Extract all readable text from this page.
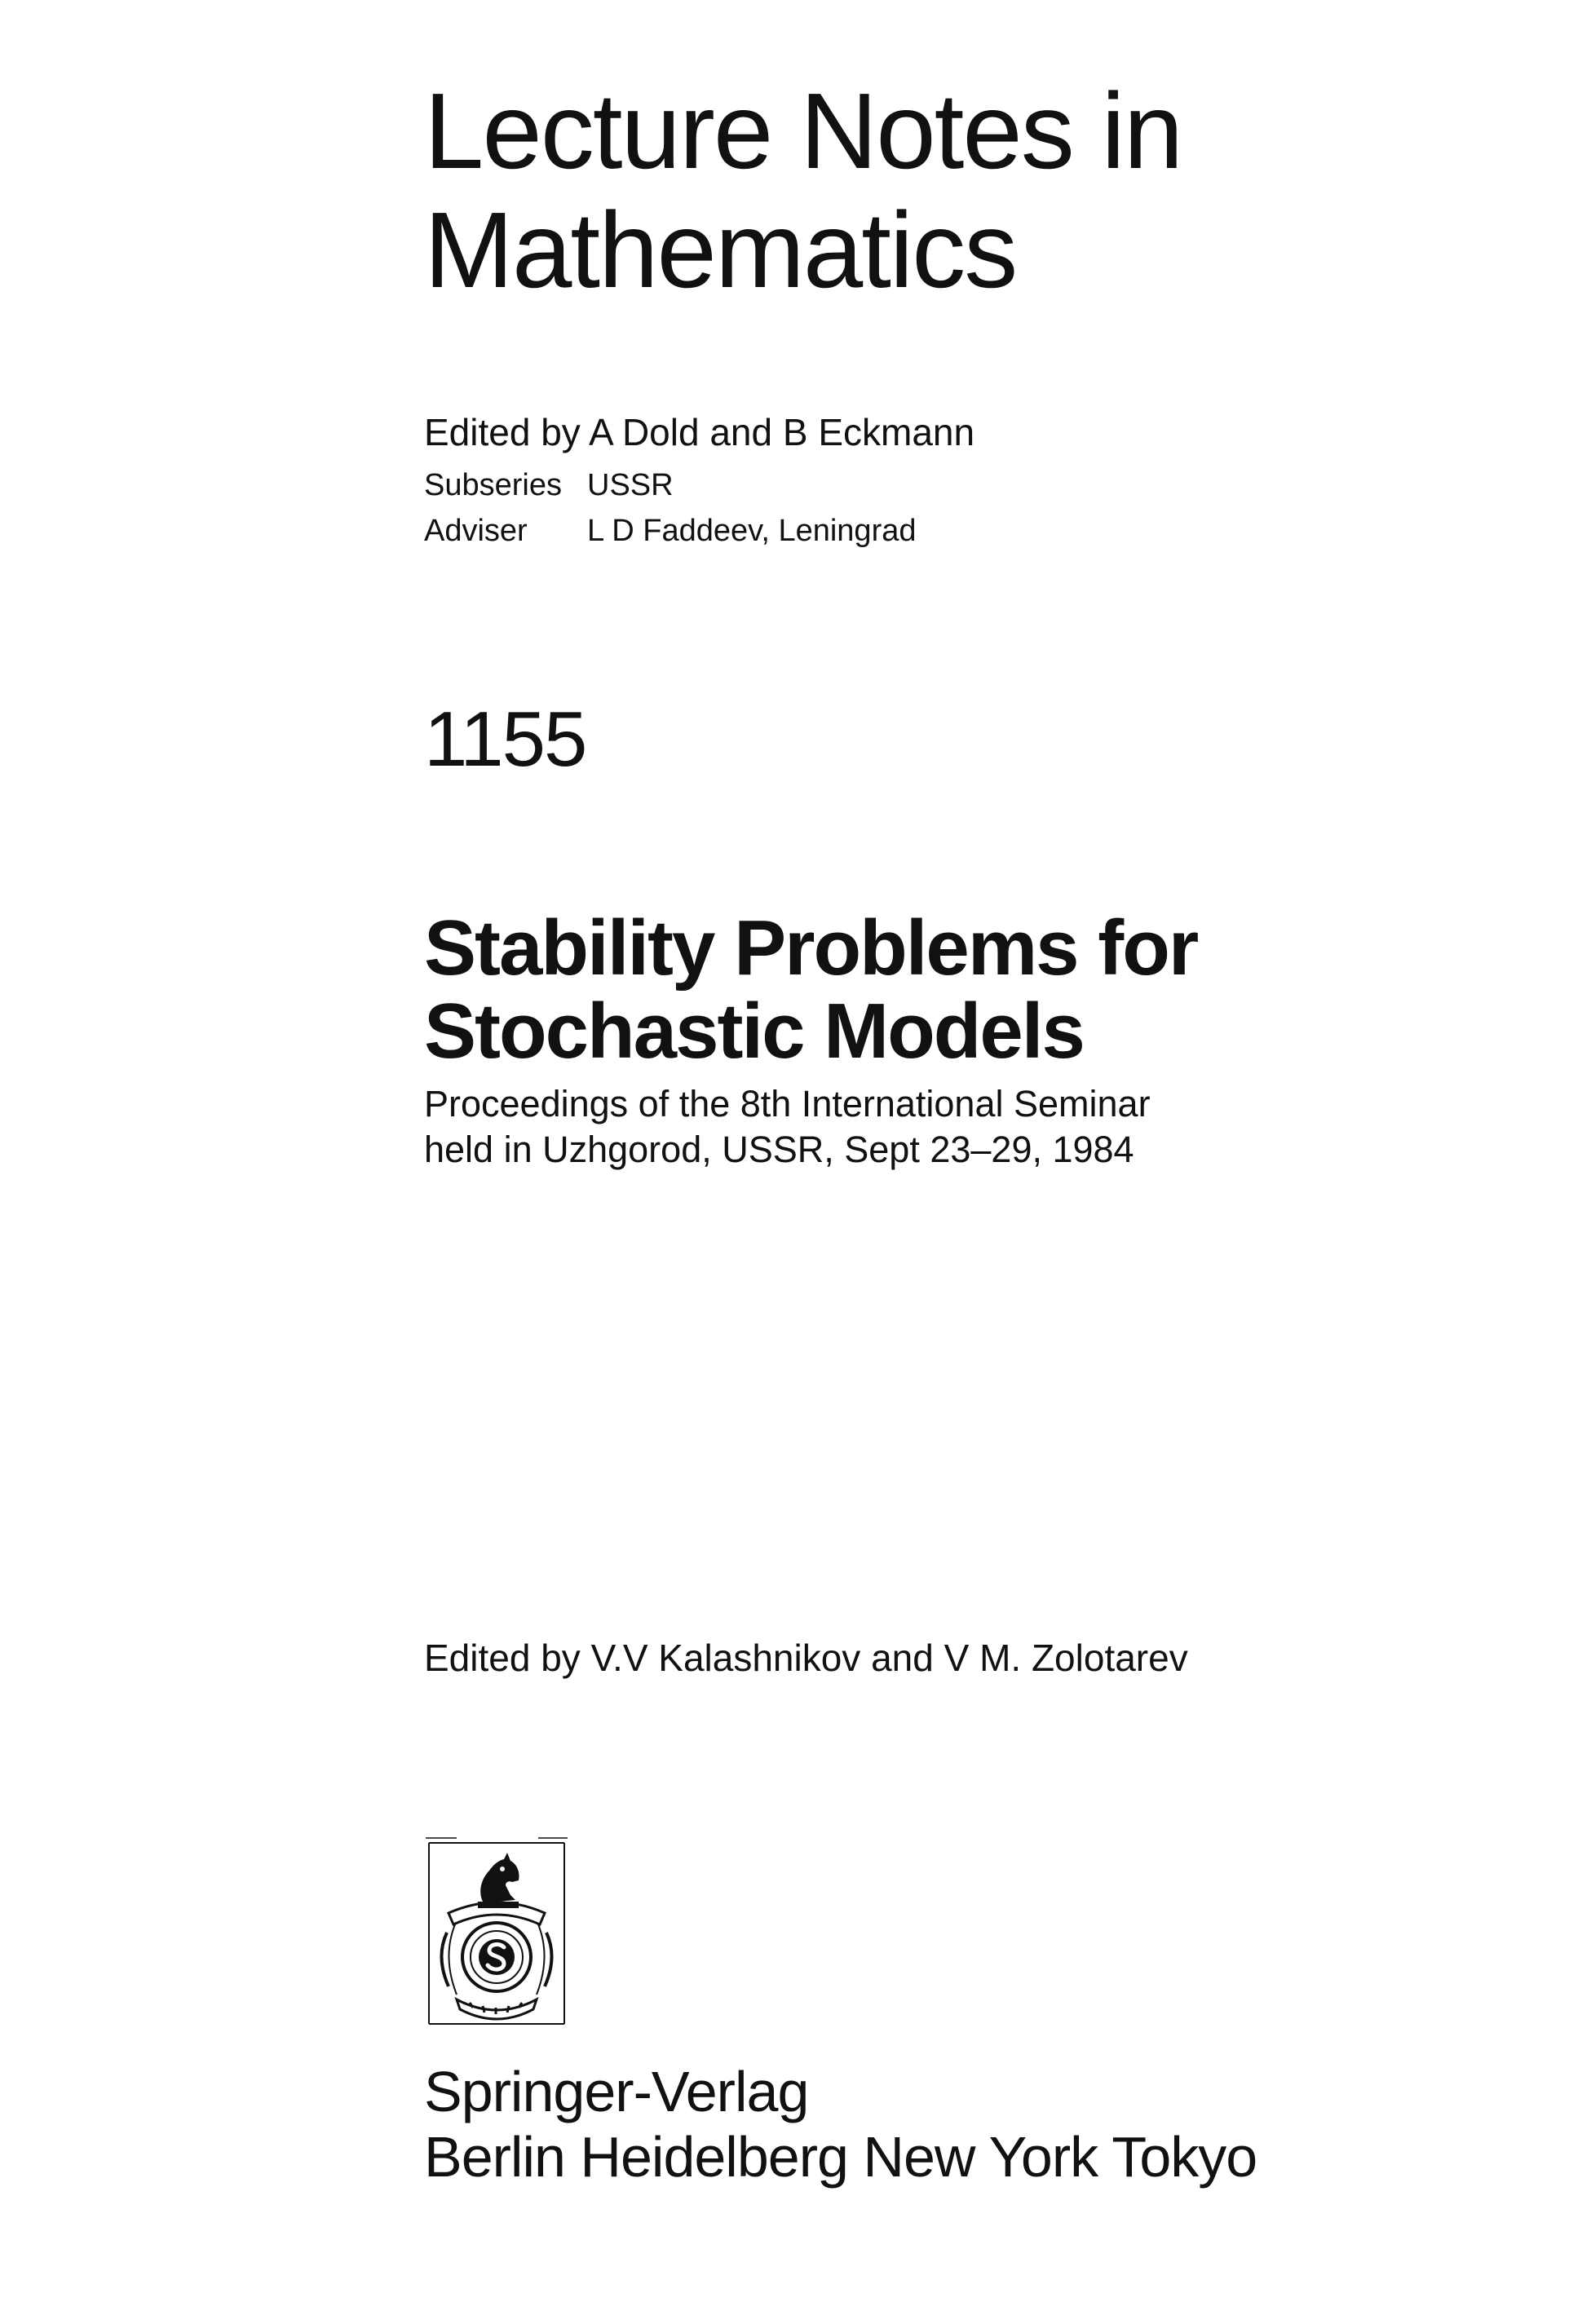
Lecture Notes in
Mathematics

Edited by A Dold and B Eckmann

Subseries USSR
Adviser L D Faddeev, Leningrad

1155

Stability Problems for
Stochastic Models

Proceedings of the 8th International Seminar
held in Uzhgorod, USSR, Sept 23–29, 1984

Edited by V.V Kalashnikov and V M. Zolotarev

Springer-Verlag
Berlin Heidelberg New York Tokyo
